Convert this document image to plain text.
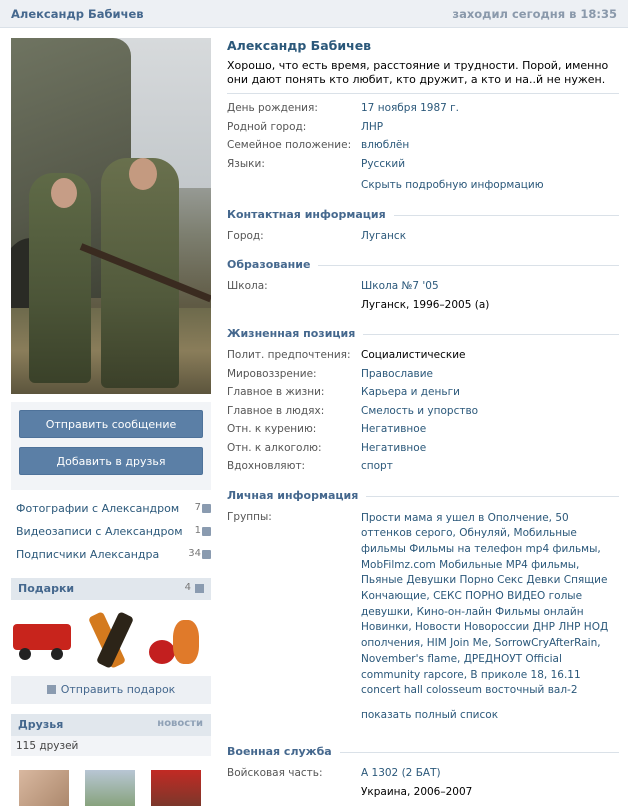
Александр Бабичев	заходил сегодня в 18:35
Отправить сообщение
Добавить в друзья
Фотографии с Александром 7
Видеозаписи с Александром 1
Подписчики Александра	34
Подарки	4
Отправить подарок
Друзья	новости
115 друзей
Александр Бабичев
Хорошо, что есть время, расстояние и трудности. Порой, именно они дают понять кто любит, кто дружит, а кто и на..й не нужен.
День рождения:	17 ноября 1987 г.
Родной город:	ЛНР
Семейное положение: влюблён
Языки:	Русский
Скрыть подробную информацию
Контактная информация
Город:	Луганск
Образование
Школа:	Школа №7 '05
Луганск, 1996–2005 (а)
Жизненная позиция
Полит. предпочтения: Социалистические
Мировоззрение:	Православие
Главное в жизни:	Карьера и деньги
Главное в людях:	Смелость и упорство
Отн. к курению:	Негативное
Отн. к алкоголю:	Негативное
Вдохновляют:	спорт
Личная информация
Группы:	Прости мама я ушел в Ополчение, 50 оттенков серого, Обнуляй, Мобильные фильмы Фильмы на телефон mp4 фильмы, MobFilmz.com Мобильные MP4 фильмы, Пьяные Девушки Порно Секс Девки Спящие Кончающие, СЕКС ПОРНО ВИДЕО голые девушки, Кино-он-лайн Фильмы онлайн Новинки, Новости Новороссии ДНР ЛНР НОД ополчения, HIM Join Me, SorrowCryAfterRain, November's flame, ДРЕДНОУТ Official community rapcore, В приколе 18, 16.11 concert hall colosseum восточный вал-2
показать полный список
Военная служба
Войсковая часть:	А 1302 (2 БАТ)
Украина, 2006–2007
